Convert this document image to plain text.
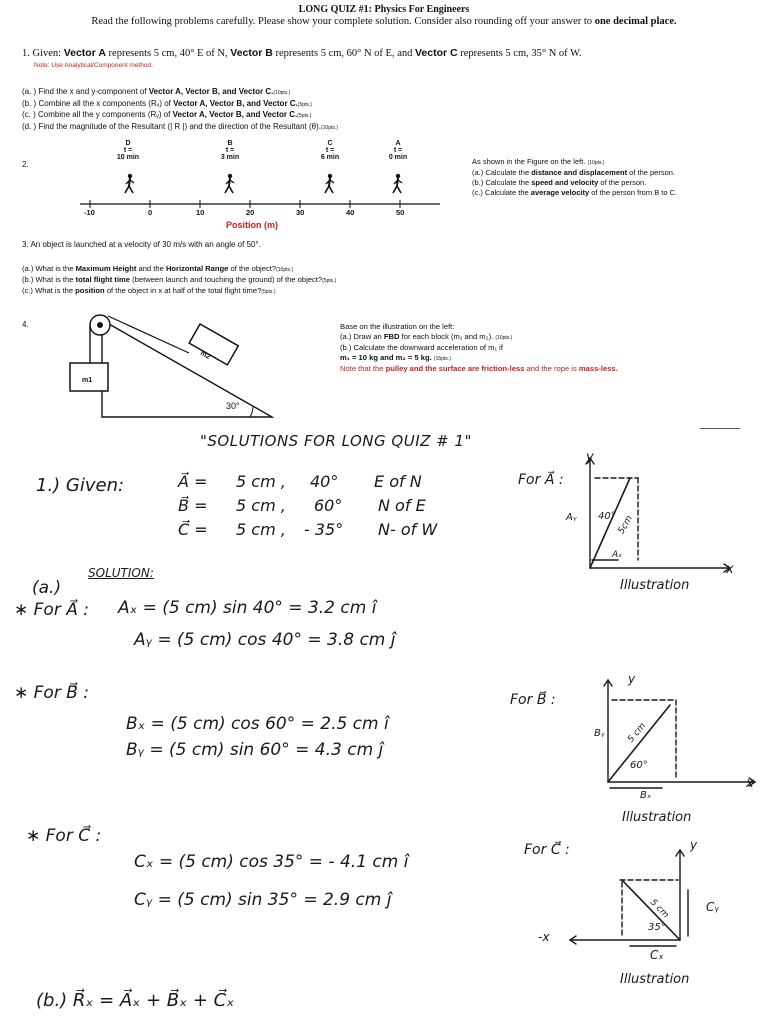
LONG QUIZ #1: Physics For Engineers
Read the following problems carefully. Please show your complete solution. Consider also rounding off your answer to one decimal place.
1. Given: Vector A represents 5 cm, 40° E of N, Vector B represents 5 cm, 60° N of E, and Vector C represents 5 cm, 35° N of W.
Note: Use Analytical/Component method.
(a. ) Find the x and y-component of Vector A, Vector B, and Vector C.(10pts.)
(b. ) Combine all the x components (Rₓ) of Vector A, Vector B, and Vector C.(5pts.)
(c. ) Combine all the y components (Rᵧ) of Vector A, Vector B, and Vector C.(5pts.)
(d. ) Find the magnitude of the Resultant (| R |) and the direction of the Resultant (θ).(10pts.)
2.
D
t =
10 min
B
t =
3 min
C
t =
6 min
A
t =
0 min
-10	0	10	20	30	40	50
Position (m)
As shown in the Figure on the left. (10pts.)
(a.) Calculate the distance and displacement of the person.
(b.) Calculate the speed and velocity of the person.
(c.) Calculate the average velocity of the person from B to C.
3. An object is launched at a velocity of 30 m/s with an angle of 50°.
(a.) What is the Maximum Height and the Horizontal Range of the object?(10pts.)
(b.) What is the total flight time (between launch and touching the ground) of the object?(5pts.)
(c.) What is the position of the object in x at half of the total flight time?(5pts.)
4.
m1
m2
30°
Base on the illustration on the left:
(a.) Draw an FBD for each block (m₁ and m₂). (10pts.)
(b.) Calculate the downward acceleration of m₁ if
m₁ = 10 kg and m₂ = 5 kg. (15pts.)
Note that the pulley and the surface are friction-less and the rope is mass-less.
"SOLUTIONS FOR LONG QUIZ # 1"
1.) Given:	A⃗ = 5 cm , 40° E of N
B⃗ = 5 cm , 60° N of E
C⃗ = 5 cm , - 35° N- of W
(a.)
SOLUTION:
∗ For A⃗ : Aₓ = (5 cm) sin 40° = 3.2 cm î
Aᵧ = (5 cm) cos 40° = 3.8 cm ĵ
∗ For B⃗ :
Bₓ = (5 cm) cos 60° = 2.5 cm î
Bᵧ = (5 cm) sin 60° = 4.3 cm ĵ
∗ For C⃗ :
Cₓ = (5 cm) cos 35° = - 4.1 cm î
Cᵧ = (5 cm) sin 35° = 2.9 cm ĵ
(b.) R⃗ₓ = A⃗ₓ + B⃗ₓ + C⃗ₓ
For A⃗ :
y
40° 5cm
Aᵧ
Aₓ
x
Illustration
For B⃗ :
y
60°
5 cm
Bᵧ
Bₓ
x
Illustration
For C⃗ :	y
5 cm
35°
Cᵧ
Cₓ
-x
Illustration
